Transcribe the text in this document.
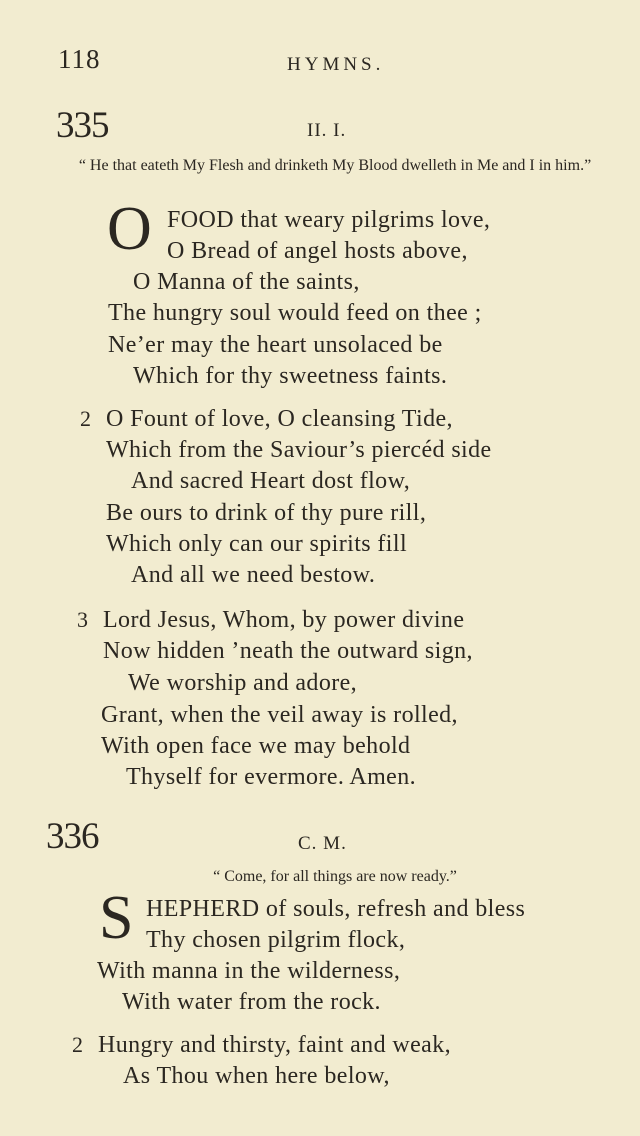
118	HYMNS.
335	II. I.
“ He that eateth My Flesh and drinketh My Blood dwelleth in Me and I in him.”
O FOOD that weary pilgrims love,
O Bread of angel hosts above,
O Manna of the saints,
The hungry soul would feed on thee ;
Ne’er may the heart unsolaced be
Which for thy sweetness faints.
2 O Fount of love, O cleansing Tide,
Which from the Saviour’s piercéd side
And sacred Heart dost flow,
Be ours to drink of thy pure rill,
Which only can our spirits fill
And all we need bestow.
3 Lord Jesus, Whom, by power divine
Now hidden ’neath the outward sign,
We worship and adore,
Grant, when the veil away is rolled,
With open face we may behold
Thyself for evermore. Amen.
336	C. M.
“ Come, for all things are now ready.”
S HEPHERD of souls, refresh and bless
Thy chosen pilgrim flock,
With manna in the wilderness,
With water from the rock.
2 Hungry and thirsty, faint and weak,
As Thou when here below,
